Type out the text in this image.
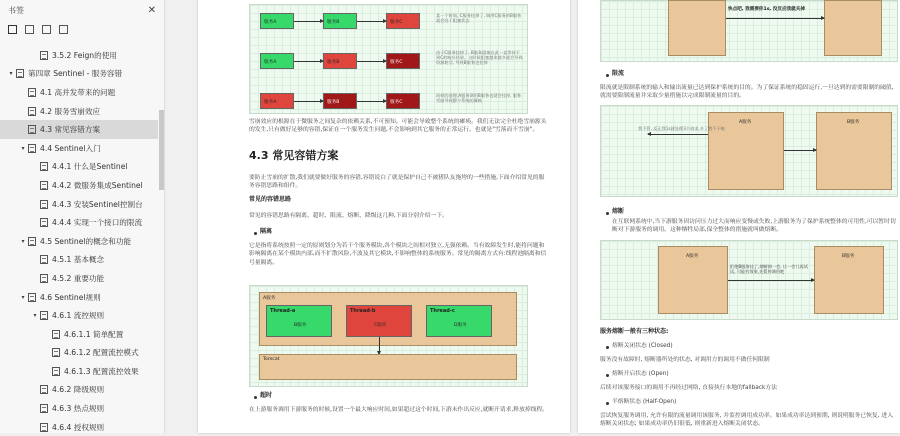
书签	✕
3.5.2 Feign的使用
▾	第四章 Sentinel - 服务容错
4.1 高并发带来的问题
4.2 服务雪崩效应
4.3 常见容错方案
▾	4.4 Sentinel入门
4.4.1 什么是Sentinel
4.4.2 微服务集成Sentinel
4.4.3 安装Sentinel控制台
4.4.4 实现一个接口的限流
▾	4.5 Sentinel的概念和功能
4.5.1 基本概念
4.5.2 重要功能
▾	4.6 Sentinel规则
▾	4.6.1 流控规则
4.6.1.1 简单配置
4.6.1.2 配置流控模式
4.6.1.3 配置流控效果
4.6.2 降级规则
4.6.3 热点规则
4.6.4 授权规则
服务A	服务B	服务C
某一个时间, C服务挂掉了, 调用C服务的B服务就会处于阻塞状态
服务A	服务B	服务C
由于C服务挂掉了, B服务阻塞在此一直等待不到C的响应结果。这时候阻塞越来越多就会导致资源耗尽, 导致B服务也挂掉
服务A	服务B	服务C
同样的道理,A服务调用B服务也就会挂掉, 服务雪崩导致整个系统的瘫痪
雪崩效应的根源在于微服务之间复杂的依赖关系,不可预知。可能会导致整个系统的瘫痪。我们无法完全杜绝雪崩源头的发生,只有做好足够的容错,保证在一个服务发生问题,不会影响到其它服务的正常运行。也就是"雪落而不雪崩"。
4.3 常见容错方案
要防止雪崩的扩散,我们就要做好服务的容错,容错说白了就是保护自己不被猪队友拖垮的一些措施,下面介绍常见的服务容错思路和组件。
常见的容错思路
常见的容错思路有隔离、超时、限流、熔断、降级这几种,下面分别介绍一下。
隔离
它是指将系统按照一定的原则划分为若干个服务模块,各个模块之间相对独立,无强依赖。当有故障发生时,能将问题和影响隔离在某个模块内部,而不扩散风险,不波及其它模块,不影响整体的系统服务。常见的隔离方式有:线程池隔离和信号量隔离。
A服务
Thread-a
B服务
Thread-b
C服务
Thread-c
D服务
Tomcat
超时
在上游服务调用下游服务的时候,设置一个最大响应时间,如果超过这个时间,下游未作出反应,就断开请求,释放掉线程。
快点吧, 我需要你1s, 没反应我就关掉
限流
限流就是限制系统的输入和输出流量已达到保护系统的目的。为了保证系统的稳固运行,一旦达到的需要限制的阈值,就需要限制流量并采取少量措施以完成限制流量的目的。
A服务	B服务
我不管, 反正我1s就处理3个请求,多了我不干啦
熔断
在互联网系统中,当下游服务因访问压力过大而响应变慢或失败,上游服务为了保护系统整体的可用性,可以暂时切断对下游服务的调用。这种牺牲局部,保全整体的措施就叫做熔断。
A服务	B服务
拒绝B服务挂了,熔断掉一会, 让一会儿再试试, 可能有效果,先暂停调用吧
服务熔断一般有三种状态:
熔断关闭状态 (Closed)
服务没有故障时, 熔断器所处的状态, 对调用方的调用不做任何限制
熔断开启状态 (Open)
后续对该服务接口的调用不再经过网络, 直接执行本地的fallback方法
半熔断状态 (Half-Open)
尝试恢复服务调用, 允许有限的流量调用该服务, 并监控调用成功率。如果成功率达到预期, 则说明服务已恢复, 进入熔断关闭状态; 如果成功率仍旧很低, 则重新进入熔断关闭状态。
